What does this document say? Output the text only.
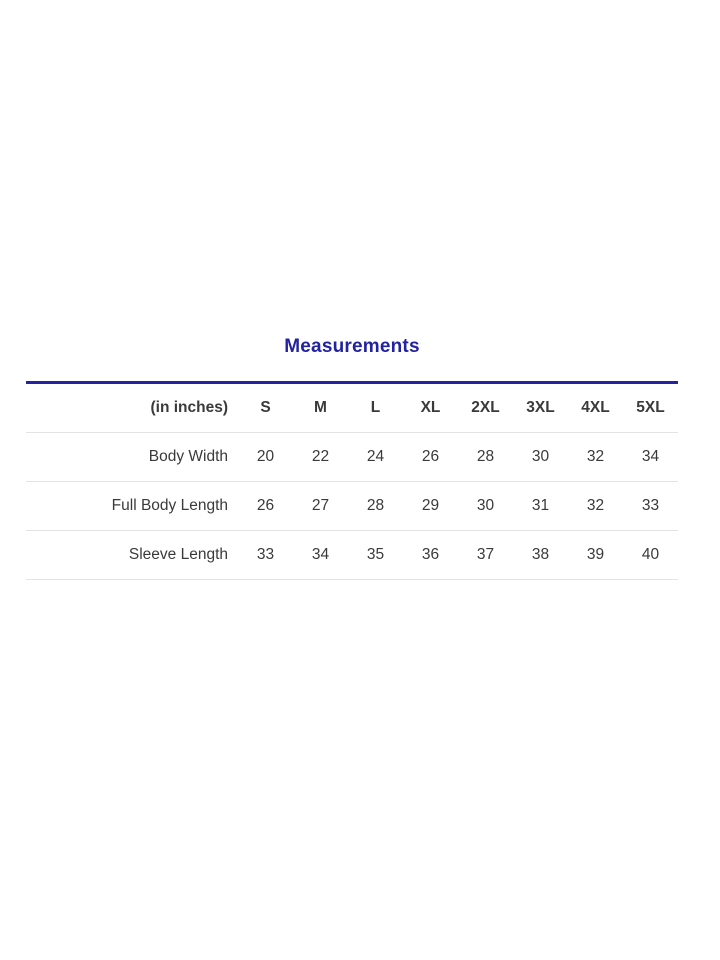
Measurements

(in inches)	S	M	L	XL	2XL	3XL	4XL	5XL
Body Width	20	22	24	26	28	30	32	34
Full Body Length	26	27	28	29	30	31	32	33
Sleeve Length	33	34	35	36	37	38	39	40
